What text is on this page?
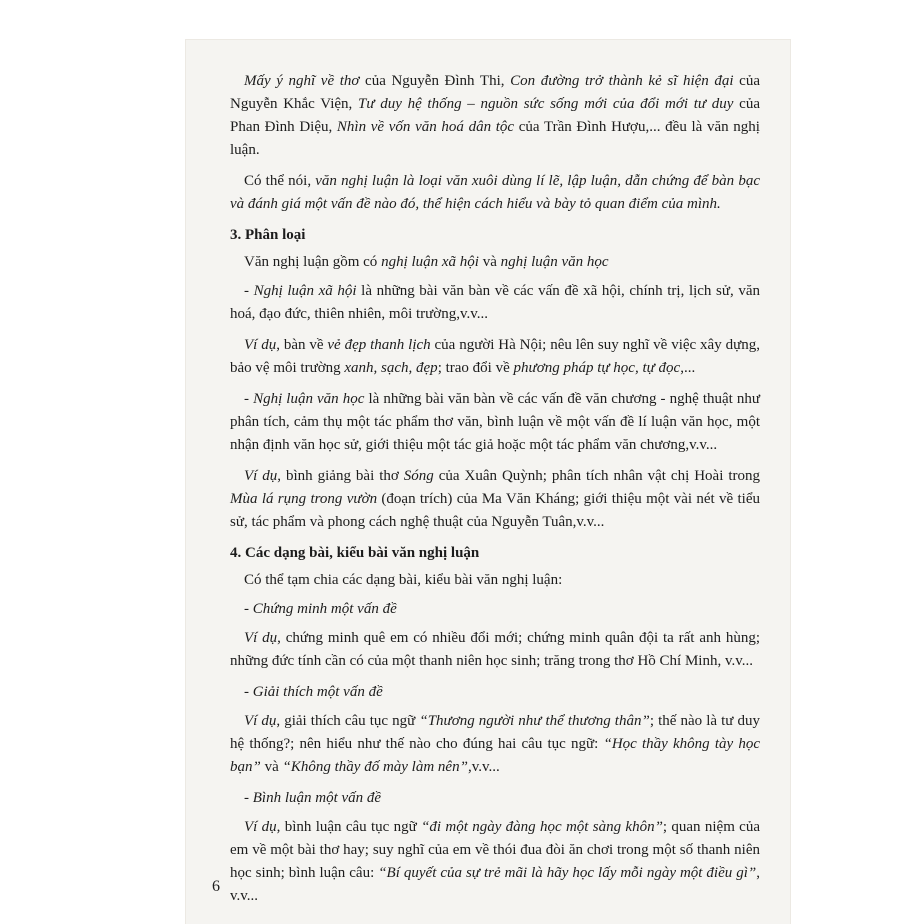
Mấy ý nghĩ về thơ của Nguyễn Đình Thi, Con đường trở thành kẻ sĩ hiện đại của Nguyễn Khắc Viện, Tư duy hệ thống – nguồn sức sống mới của đổi mới tư duy của Phan Đình Diệu, Nhìn về vốn văn hoá dân tộc của Trần Đình Hượu,... đều là văn nghị luận.

Có thể nói, văn nghị luận là loại văn xuôi dùng lí lẽ, lập luận, dẫn chứng để bàn bạc và đánh giá một vấn đề nào đó, thể hiện cách hiểu và bày tỏ quan điểm của mình.

3. Phân loại

Văn nghị luận gồm có nghị luận xã hội và nghị luận văn học

- Nghị luận xã hội là những bài văn bàn về các vấn đề xã hội, chính trị, lịch sử, văn hoá, đạo đức, thiên nhiên, môi trường,v.v...

Ví dụ, bàn về vẻ đẹp thanh lịch của người Hà Nội; nêu lên suy nghĩ về việc xây dựng, bảo vệ môi trường xanh, sạch, đẹp; trao đổi về phương pháp tự học, tự đọc,...

- Nghị luận văn học là những bài văn bàn về các vấn đề văn chương - nghệ thuật như phân tích, cảm thụ một tác phẩm thơ văn, bình luận về một vấn đề lí luận văn học, một nhận định văn học sử, giới thiệu một tác giả hoặc một tác phẩm văn chương,v.v...

Ví dụ, bình giảng bài thơ Sóng của Xuân Quỳnh; phân tích nhân vật chị Hoài trong Mùa lá rụng trong vườn (đoạn trích) của Ma Văn Kháng; giới thiệu một vài nét về tiểu sử, tác phẩm và phong cách nghệ thuật của Nguyễn Tuân,v.v...

4. Các dạng bài, kiểu bài văn nghị luận

Có thể tạm chia các dạng bài, kiểu bài văn nghị luận:

- Chứng minh một vấn đề

Ví dụ, chứng minh quê em có nhiều đổi mới; chứng minh quân đội ta rất anh hùng; những đức tính cần có của một thanh niên học sinh; trăng trong thơ Hồ Chí Minh, v.v...

- Giải thích một vấn đề

Ví dụ, giải thích câu tục ngữ “Thương người như thể thương thân”; thế nào là tư duy hệ thống?; nên hiểu như thế nào cho đúng hai câu tục ngữ: “Học thầy không tày học bạn” và “Không thầy đố mày làm nên”,v.v...

- Bình luận một vấn đề

Ví dụ, bình luận câu tục ngữ “đi một ngày đàng học một sàng khôn”; quan niệm của em về một bài thơ hay; suy nghĩ của em về thói đua đòi ăn chơi trong một số thanh niên học sinh; bình luận câu: “Bí quyết của sự trẻ mãi là hãy học lấy mỗi ngày một điều gì”, v.v...

6
